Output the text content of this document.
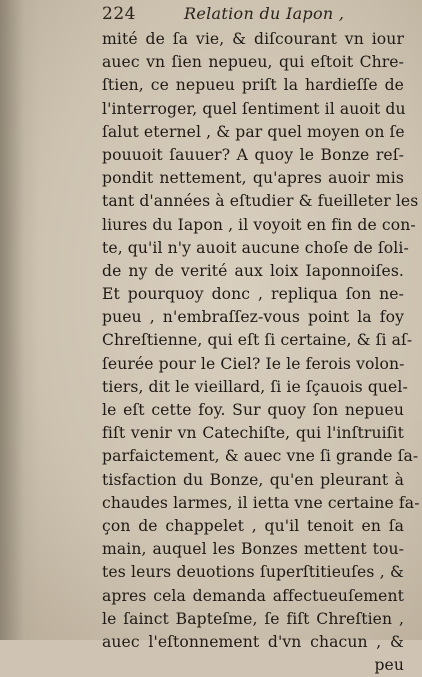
224	Relation du Iapon ,
mité de ſa vie, & diſcourant vn iour
auec vn ſien nepueu, qui eſtoit Chre-
ſtien, ce nepueu priſt la hardieſſe de
l'interroger, quel ſentiment il auoit du
ſalut eternel , & par quel moyen on ſe
pouuoit ſauuer? A quoy le Bonze reſ-
pondit nettement, qu'apres auoir mis
tant d'années à eſtudier & fueilleter les
liures du Iapon , il voyoit en fin de con-
te, qu'il n'y auoit aucune choſe de ſoli-
de ny de verité aux loix Iaponnoiſes.
Et pourquoy donc , repliqua ſon ne-
pueu , n'embraſſez-vous point la foy
Chreſtienne, qui eſt ſi certaine, & ſi aſ-
ſeurée pour le Ciel? Ie le ferois volon-
tiers, dit le vieillard, ſi ie ſçauois quel-
le eſt cette foy. Sur quoy ſon nepueu
fiſt venir vn Catechiſte, qui l'inſtruiſit
parfaictement, & auec vne ſi grande ſa-
tisfaction du Bonze, qu'en pleurant à
chaudes larmes, il ietta vne certaine fa-
çon de chappelet , qu'il tenoit en ſa
main, auquel les Bonzes mettent tou-
tes leurs deuotions ſuperſtitieuſes , &
apres cela demanda affectueuſement
le ſainct Bapteſme, ſe fiſt Chreſtien ,
auec l'eſtonnement d'vn chacun , &
peu
